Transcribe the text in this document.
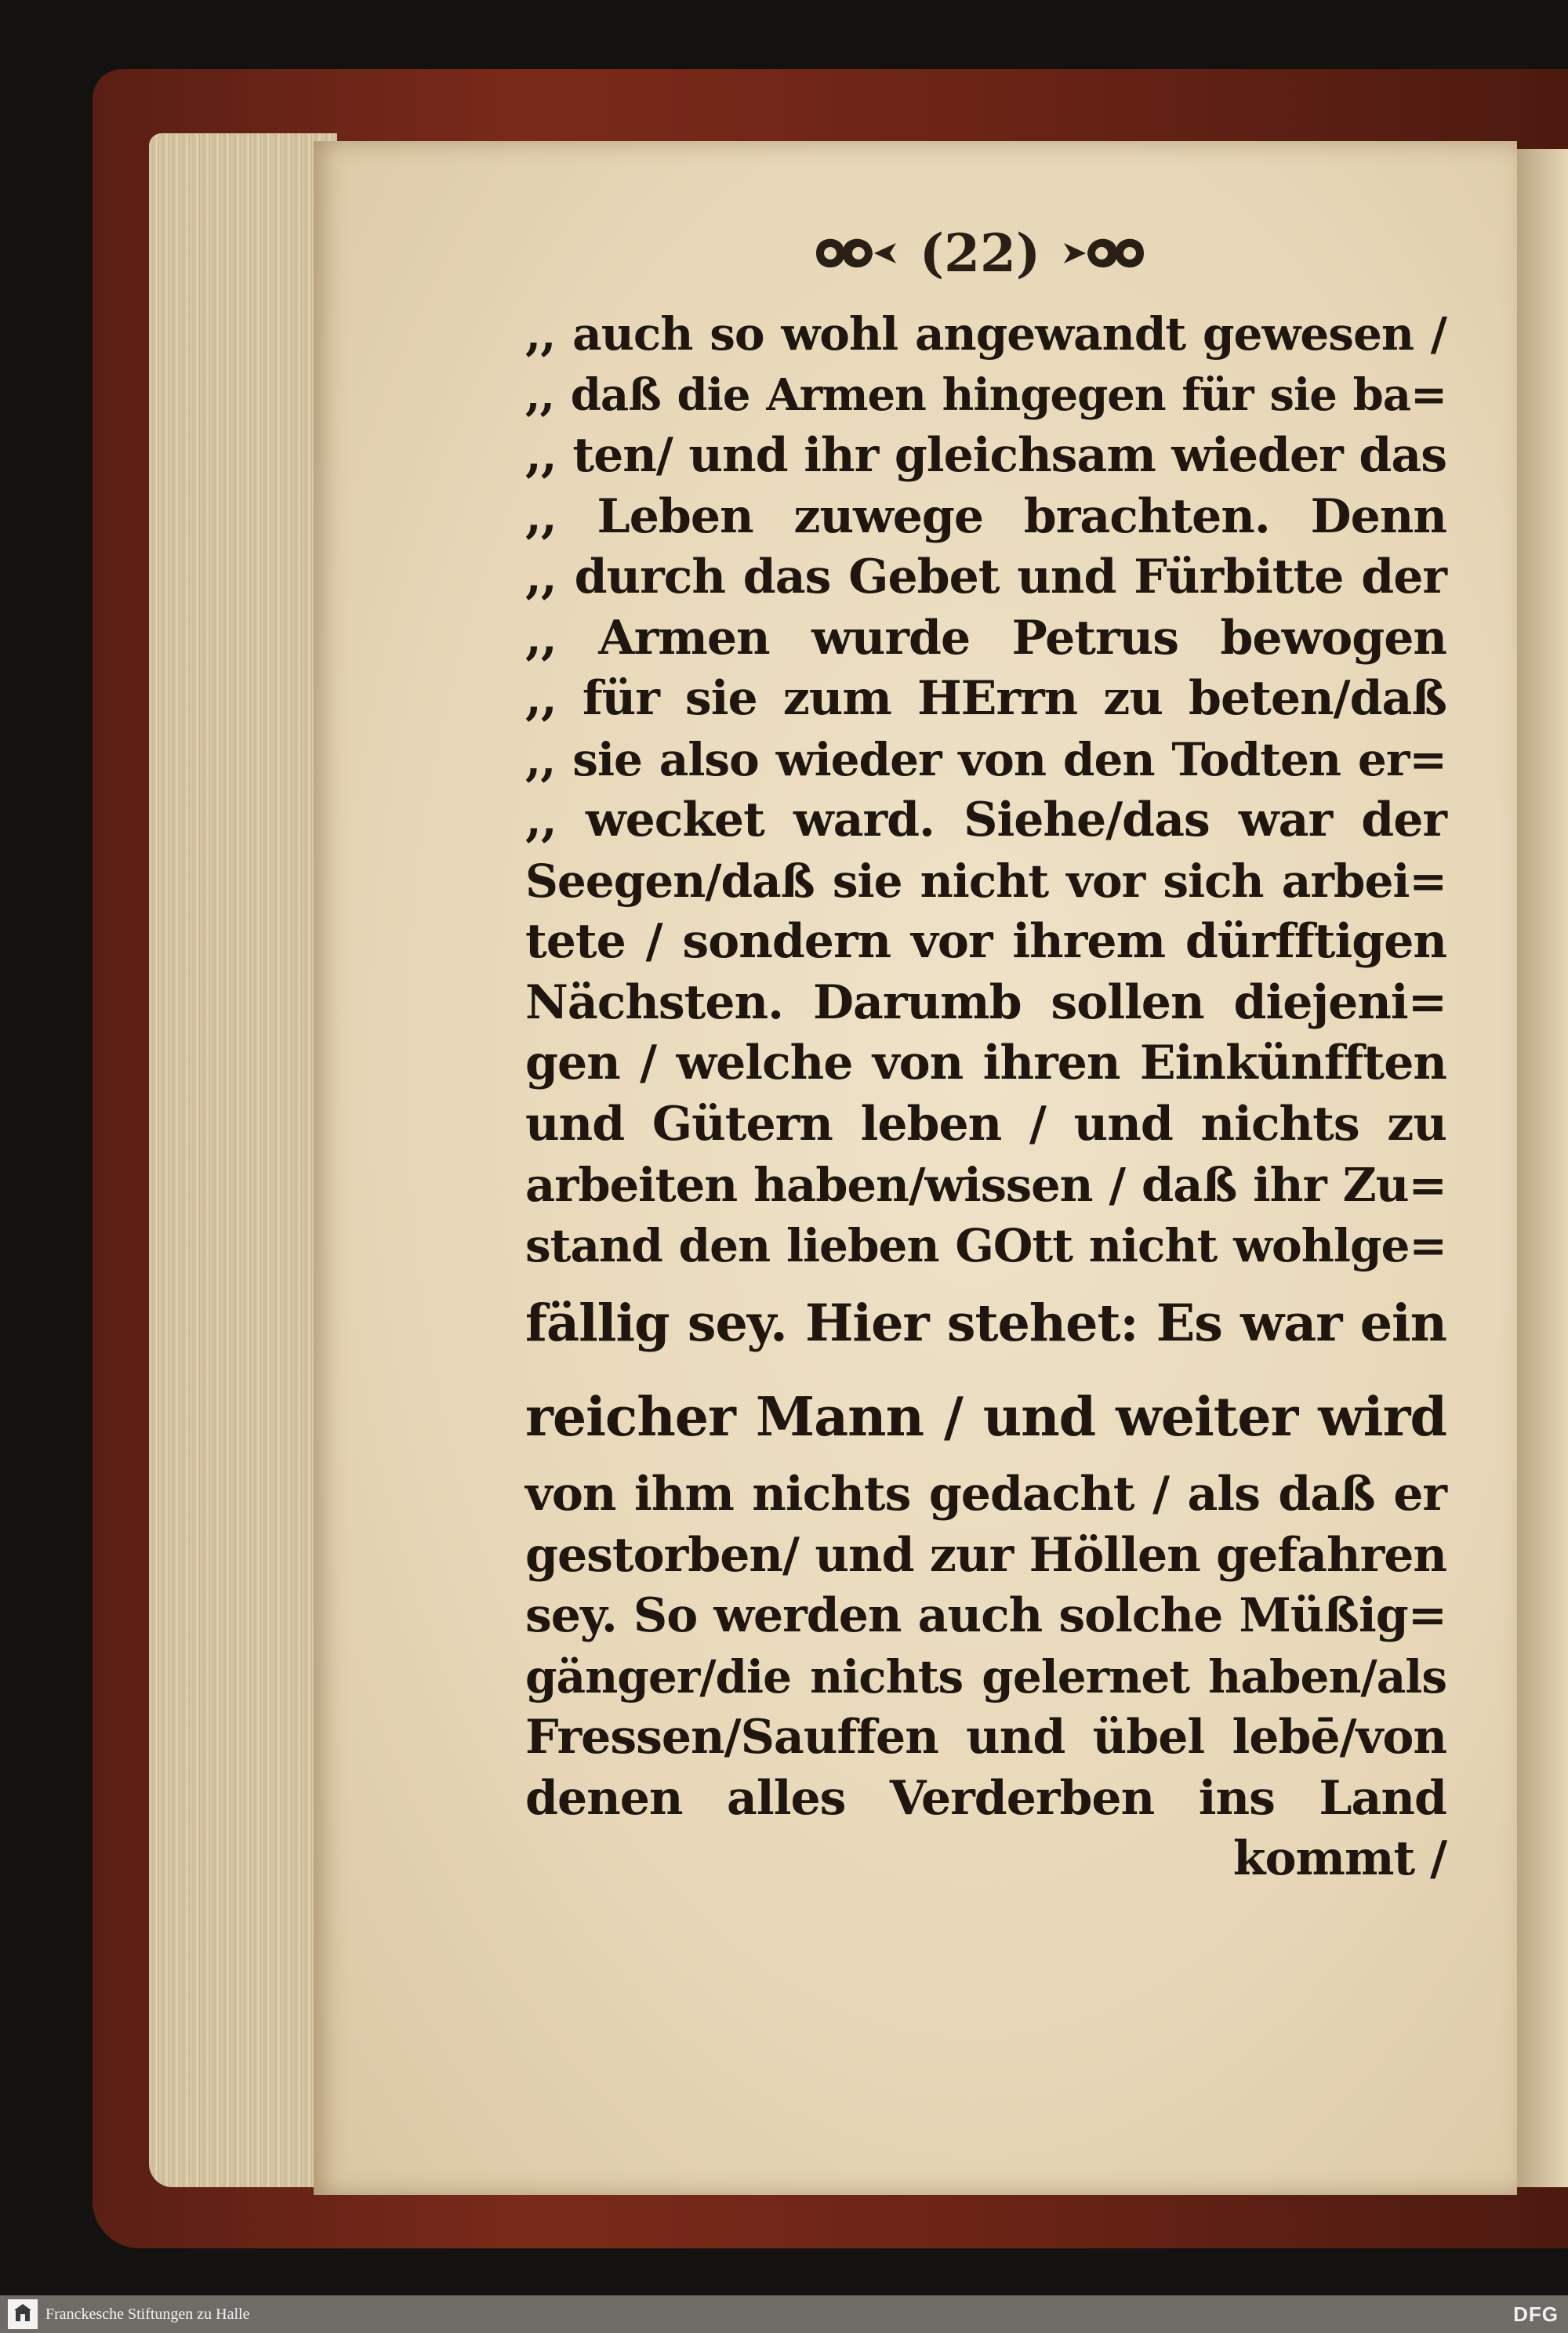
(22)
,, auch so wohl angewandt gewesen /
,, daß die Armen hingegen für sie ba=
,, ten/ und ihr gleichsam wieder das
,, Leben zuwege brachten. Denn
,, durch das Gebet und Fürbitte der
,, Armen wurde Petrus bewogen
,, für sie zum HErrn zu beten/daß
,, sie also wieder von den Todten er=
,, wecket ward. Siehe/das war der
Seegen/daß sie nicht vor sich arbei=
tete / sondern vor ihrem dürfftigen
Nächsten. Darumb sollen diejeni=
gen / welche von ihren Einkünfften
und Gütern leben / und nichts zu
arbeiten haben/wissen / daß ihr Zu=
stand den lieben GOtt nicht wohlge=
fällig sey. Hier stehet: Es war ein
reicher Mann / und weiter wird
von ihm nichts gedacht / als daß er
gestorben/ und zur Höllen gefahren
sey. So werden auch solche Müßig=
gänger/die nichts gelernet haben/als
Fressen/Sauffen und übel lebē/von
denen alles Verderben ins Land
kommt /
Franckesche Stiftungen zu Halle	DFG
